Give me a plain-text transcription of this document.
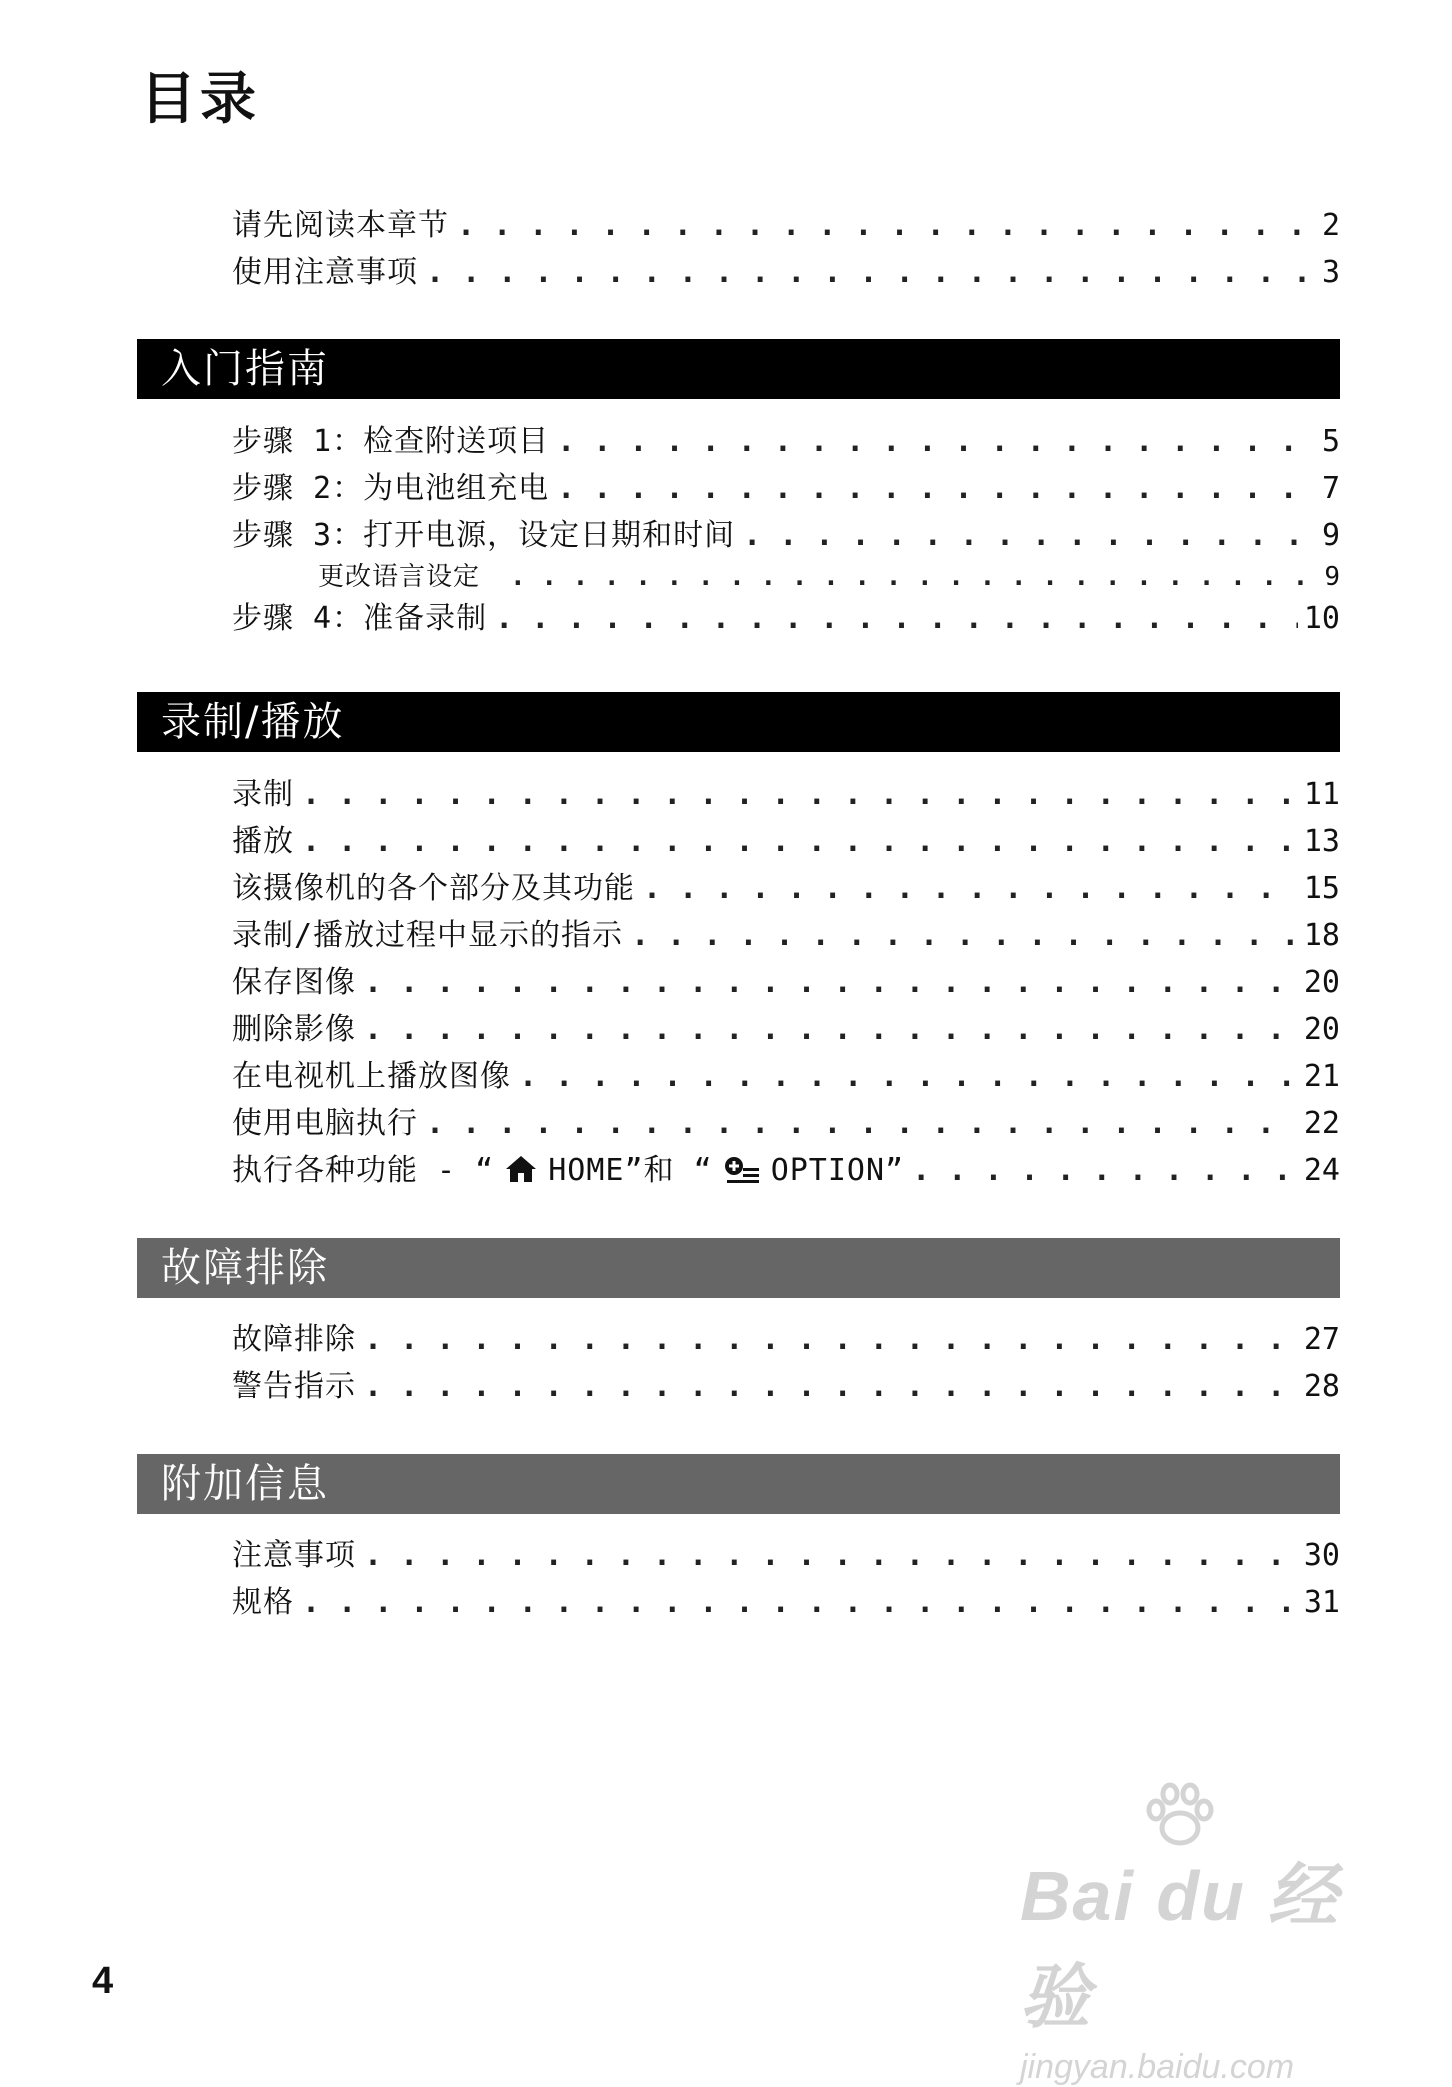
目录
请先阅读本章节 . . .	2
使用注意事项 . . .	3
入门指南
步骤 1：检查附送项目 . . .	5
步骤 2：为电池组充电 . . .	7
步骤 3：打开电源，设定日期和时间 . . .	9
更改语言设定 . . .	9
步骤 4：准备录制 . . .	10
录制/播放
录制 . . .	11
播放 . . .	13
该摄像机的各个部分及其功能 . . .	15
录制/播放过程中显示的指示 . . .	18
保存图像 . . .	20
删除影像 . . .	20
在电视机上播放图像 . . .	21
使用电脑执行 . . .	22
执行各种功能 - “ HOME”和 “ OPTION” . . .	24
故障排除
故障排除 . . .	27
警告指示 . . .	28
附加信息
注意事项 . . .	30
规格 . . .	31
4
Bai du 经验
jingyan.baidu.com
